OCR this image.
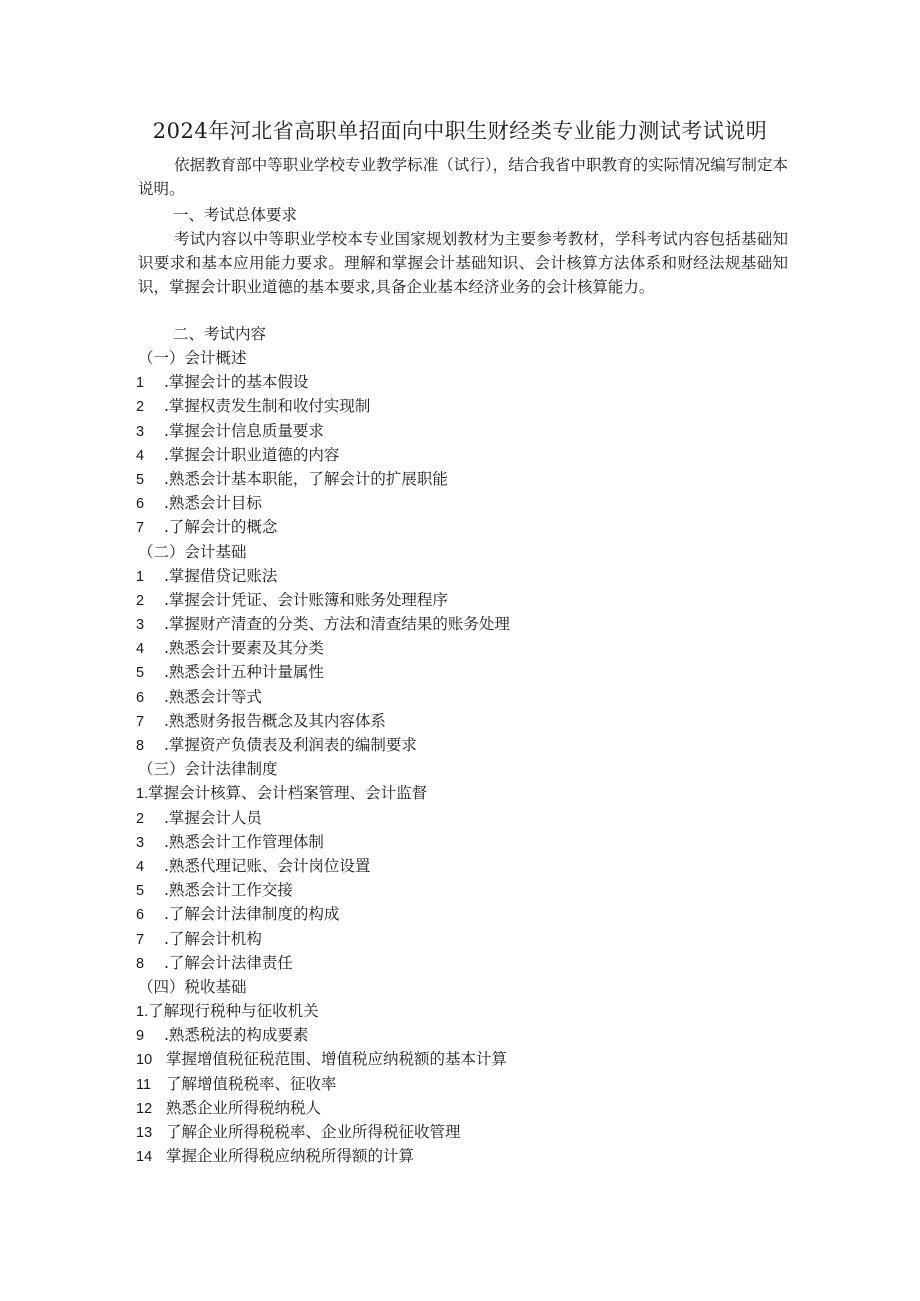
2024年河北省高职单招面向中职生财经类专业能力测试考试说明

依据教育部中等职业学校专业教学标准（试行），结合我省中职教育的实际情况编写制定本说明。

一、考试总体要求

考试内容以中等职业学校本专业国家规划教材为主要参考教材，学科考试内容包括基础知识要求和基本应用能力要求。理解和掌握会计基础知识、会计核算方法体系和财经法规基础知识，掌握会计职业道德的基本要求,具备企业基本经济业务的会计核算能力。

二、考试内容
（一）会计概述
1 .掌握会计的基本假设
2 .掌握权责发生制和收付实现制
3 .掌握会计信息质量要求
4 .掌握会计职业道德的内容
5 .熟悉会计基本职能，了解会计的扩展职能
6 .熟悉会计目标
7 .了解会计的概念
（二）会计基础
1 .掌握借贷记账法
2 .掌握会计凭证、会计账簿和账务处理程序
3 .掌握财产清查的分类、方法和清查结果的账务处理
4 .熟悉会计要素及其分类
5 .熟悉会计五种计量属性
6 .熟悉会计等式
7 .熟悉财务报告概念及其内容体系
8 .掌握资产负债表及利润表的编制要求
（三）会计法律制度
1.掌握会计核算、会计档案管理、会计监督
2 .掌握会计人员
3 .熟悉会计工作管理体制
4 .熟悉代理记账、会计岗位设置
5 .熟悉会计工作交接
6 .了解会计法律制度的构成
7 .了解会计机构
8 .了解会计法律责任
（四）税收基础
1.了解现行税种与征收机关
9 .熟悉税法的构成要素
10 掌握增值税征税范围、增值税应纳税额的基本计算
11 了解增值税税率、征收率
12 熟悉企业所得税纳税人
13 了解企业所得税税率、企业所得税征收管理
14 掌握企业所得税应纳税所得额的计算
